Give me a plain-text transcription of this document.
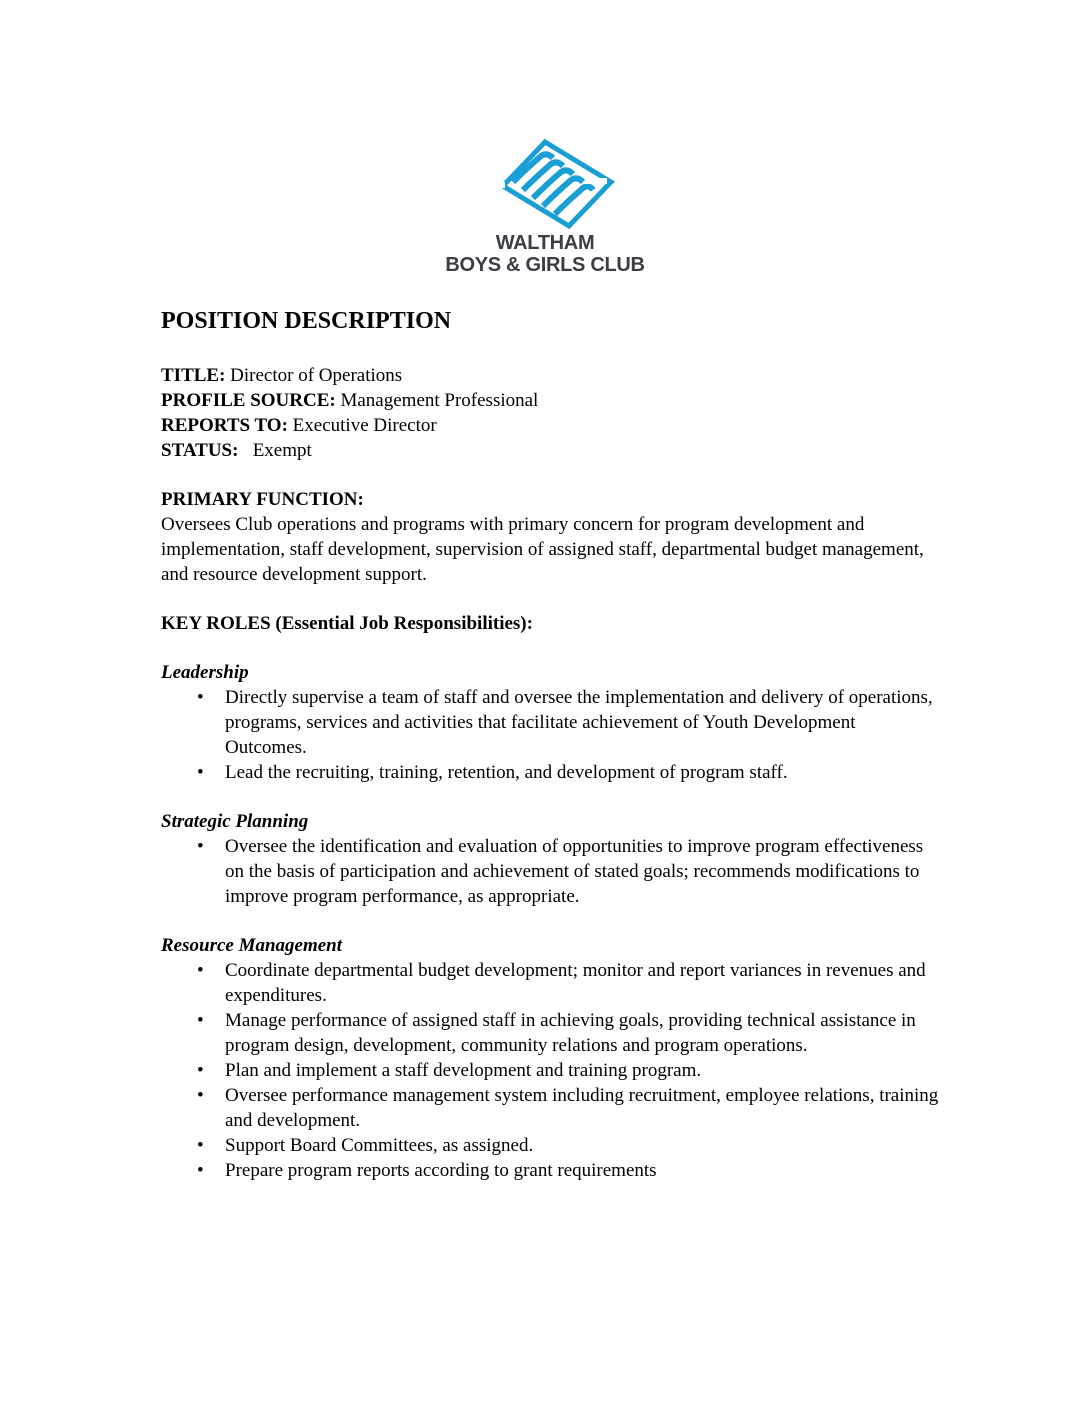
WALTHAM
BOYS & GIRLS CLUB
POSITION DESCRIPTION

TITLE: Director of Operations

PROFILE SOURCE: Management Professional

REPORTS TO: Executive Director

STATUS: Exempt

PRIMARY FUNCTION:

Oversees Club operations and programs with primary concern for program development and implementation, staff development, supervision of assigned staff, departmental budget management, and resource development support.

KEY ROLES (Essential Job Responsibilities):

Leadership

• Directly supervise a team of staff and oversee the implementation and delivery of operations, programs, services and activities that facilitate achievement of Youth Development Outcomes.
• Lead the recruiting, training, retention, and development of program staff.

Strategic Planning

• Oversee the identification and evaluation of opportunities to improve program effectiveness on the basis of participation and achievement of stated goals; recommends modifications to improve program performance, as appropriate.

Resource Management

• Coordinate departmental budget development; monitor and report variances in revenues and expenditures.
• Manage performance of assigned staff in achieving goals, providing technical assistance in program design, development, community relations and program operations.
• Plan and implement a staff development and training program.
• Oversee performance management system including recruitment, employee relations, training and development.
• Support Board Committees, as assigned.
• Prepare program reports according to grant requirements
